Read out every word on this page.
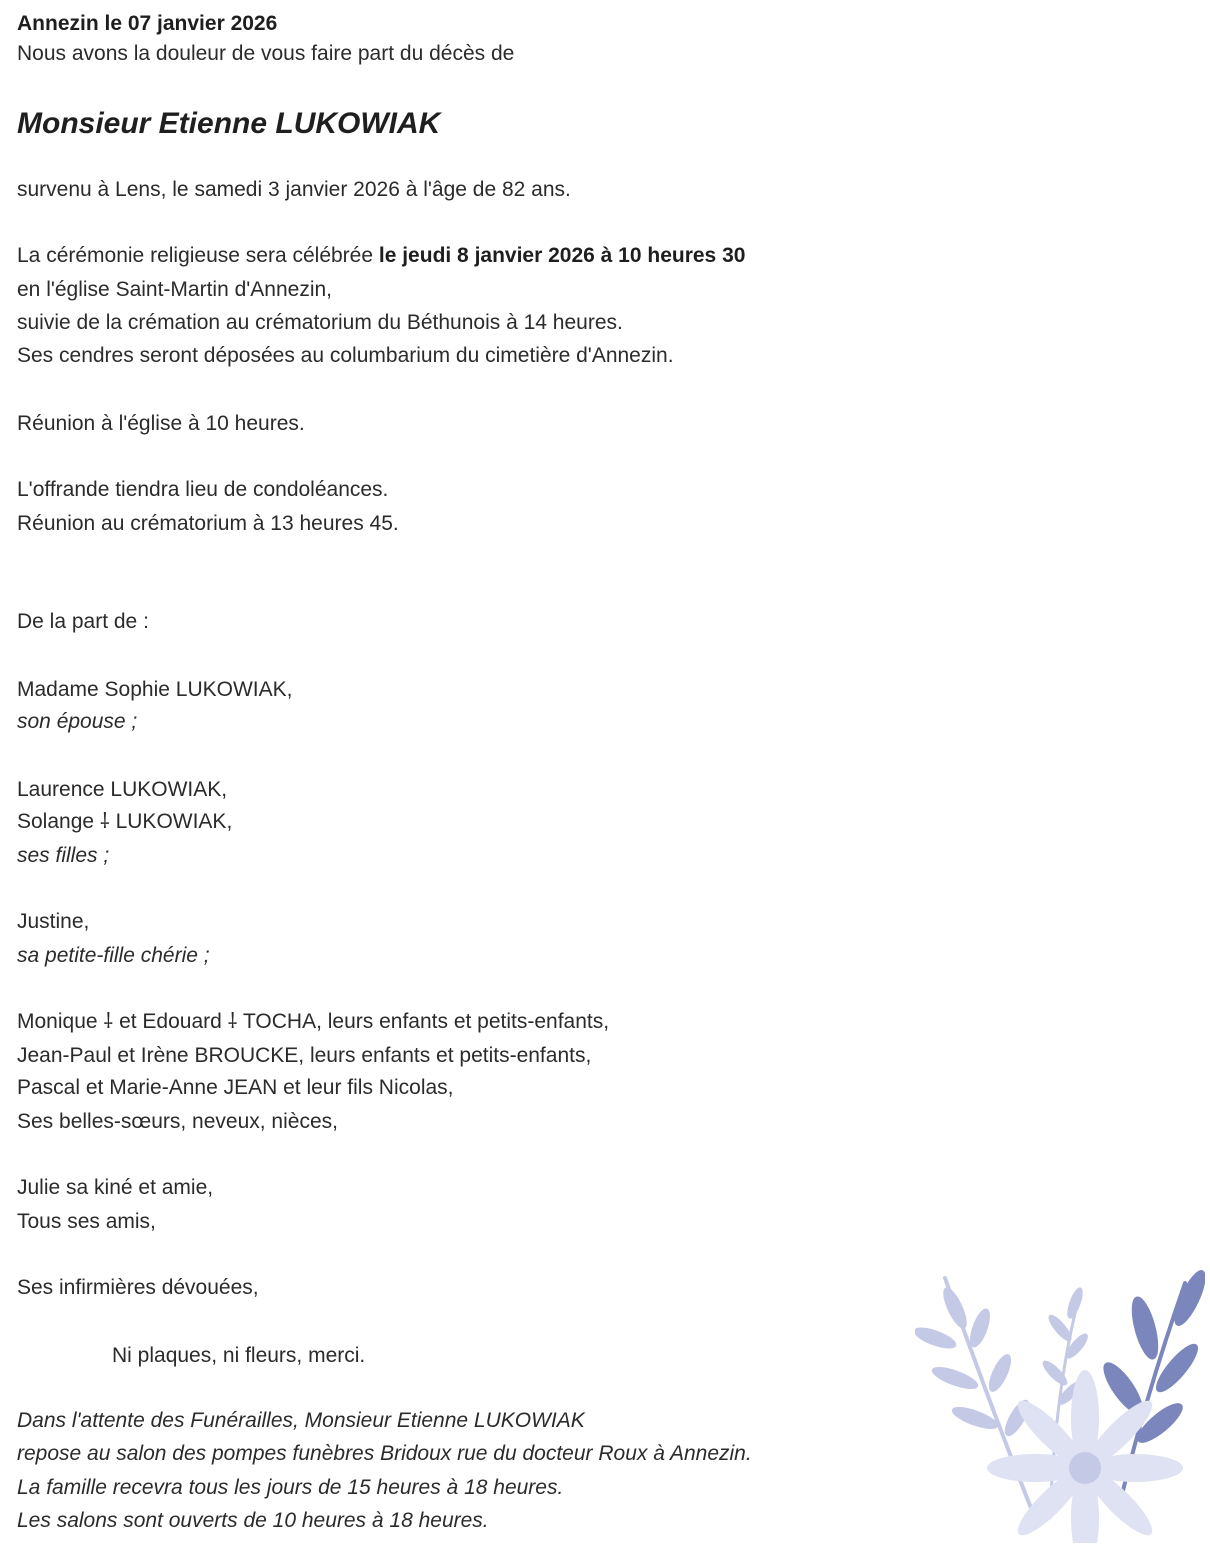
Annezin le 07 janvier 2026
Nous avons la douleur de vous faire part du décès de
Monsieur Etienne LUKOWIAK
survenu à Lens, le samedi 3 janvier 2026 à l'âge de 82 ans.
La cérémonie religieuse sera célébrée le jeudi 8 janvier 2026 à 10 heures 30
en l'église Saint-Martin d'Annezin,
suivie de la crémation au crématorium du Béthunois à 14 heures.
Ses cendres seront déposées au columbarium du cimetière d'Annezin.
Réunion à l'église à 10 heures.
L'offrande tiendra lieu de condoléances.
Réunion au crématorium à 13 heures 45.
De la part de :
Madame Sophie LUKOWIAK,
son épouse ;
Laurence LUKOWIAK,
Solange ⸸ LUKOWIAK,
ses filles ;
Justine,
sa petite-fille chérie ;
Monique ⸸ et Edouard ⸸ TOCHA, leurs enfants et petits-enfants,
Jean-Paul et Irène BROUCKE, leurs enfants et petits-enfants,
Pascal et Marie-Anne JEAN et leur fils Nicolas,
Ses belles-sœurs, neveux, nièces,
Julie sa kiné et amie,
Tous ses amis,
Ses infirmières dévouées,
Ni plaques, ni fleurs, merci.
Dans l'attente des Funérailles, Monsieur Etienne LUKOWIAK
repose au salon des pompes funèbres Bridoux rue du docteur Roux à Annezin.
La famille recevra tous les jours de 15 heures à 18 heures.
Les salons sont ouverts de 10 heures à 18 heures.
